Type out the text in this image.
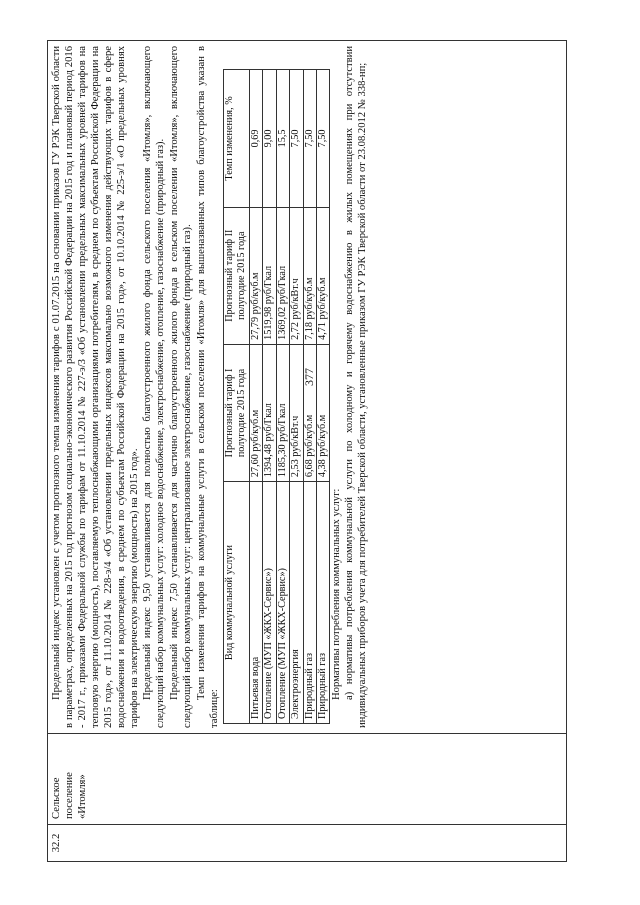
377
32.2	Сельское поселение «Итомля»	

Предельный индекс установлен с учетом прогнозного темпа изменения тарифов с 01.07.2015 на основании приказов ГУ РЭК Тверской области в параметрах, определенных на 2015 год прогнозом социально-экономического развития Российской Федерации на 2015 год и плановый период 2016 - 2017 г., приказами Федеральной службы по тарифам от 11.10.2014 № 227-э/3 «Об установлении предельных максимальных уровней тарифов на тепловую энергию (мощность), поставляемую теплоснабжающими организациями потребителям, в среднем по субъектам Российской Федерации на 2015 год», от 11.10.2014 № 228-э/4 «Об установлении предельных индексов максимально возможного изменения действующих тарифов в сфере водоснабжения и водоотведения, в среднем по субъектам Российской Федерации на 2015 год», от 10.10.2014 № 225-э/1 «О предельных уровнях тарифов на электрическую энергию (мощность) на 2015 год». Предельный индекс 9,50 устанавливается для полностью благоустроенного жилого фонда сельского поселения «Итомля», включающего следующий набор коммунальных услуг: холодное водоснабжение, электроснабжение, отопление, газоснабжение (природный газ). Предельный индекс 7,50 устанавливается для частично благоустроенного жилого фонда в сельском поселении «Итомля», включающего следующий набор коммунальных услуг: централизованное электроснабжение, газоснабжение (природный газ). Темп изменения тарифов на коммунальные услуги в сельском поселении «Итомля» для вышеназванных типов благоустройства указан в таблице:

Вид коммунальной услуги	Прогнозный тариф I полугодие 2015 года	Прогнозный тариф II полугодие 2015 года	Темп изменения, %
Питьевая вода	27,60 руб/куб.м	27,79 руб/куб.м	0,69
Отопление (МУП «ЖКХ-Сервис»)	1394,48 руб/Гкал	1519,98 руб/Гкал	9,00
Отопление (МУП «ЖКХ-Сервис»)	1185,30 руб/Гкал	1369,02 руб/Гкал	15,5
Электроэнергия	2,53 руб/кВт.ч	2,72 руб/кВт.ч	7,50
Природный газ	6,68 руб/куб.м	7,18 руб/куб.м	7,50
Природный газ	4,38 руб/куб.м	4,71 руб/куб.м	7,50

Нормативы потребления коммунальных услуг: а) нормативы потребления коммунальной услуги по холодному и горячему водоснабжению в жилых помещениях при отсутствии индивидуальных приборов учета для потребителей Тверской области, установленные приказом ГУ РЭК Тверской области от 23.08.2012 № 338-нп;
